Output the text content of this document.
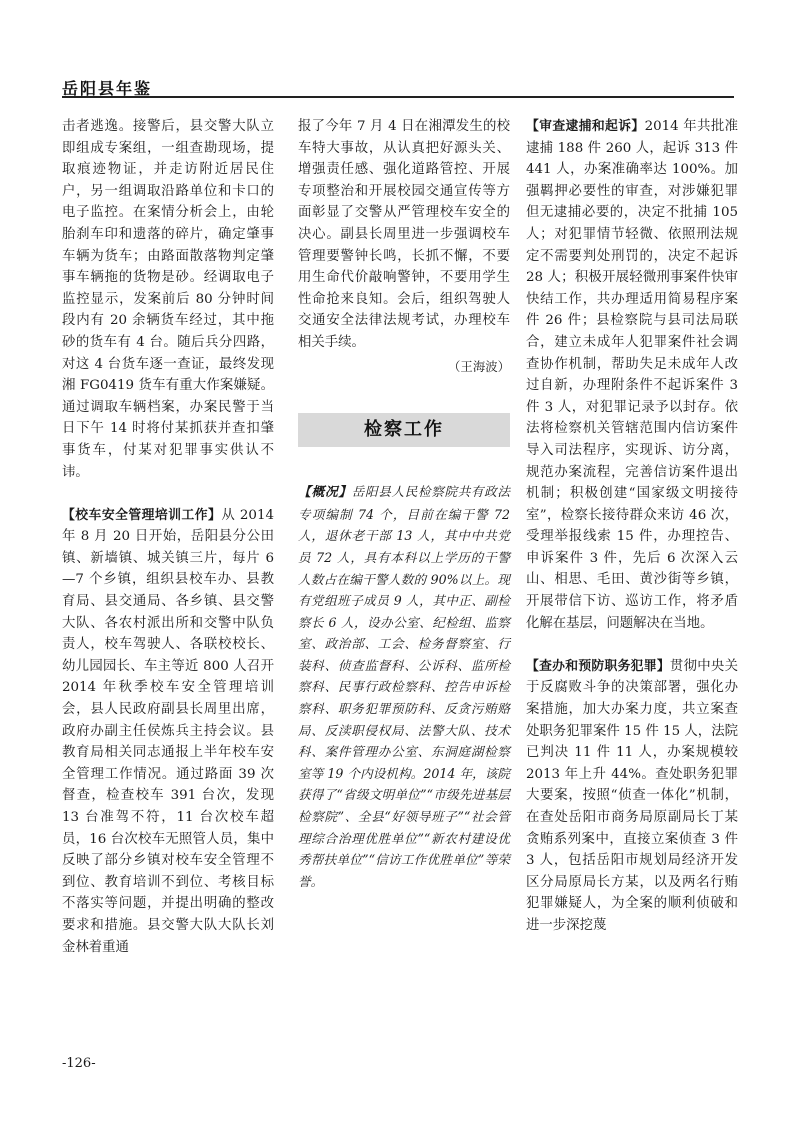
岳阳县年鉴

击者逃逸。接警后，县交警大队立即组成专案组，一组查勘现场，提取痕迹物证，并走访附近居民住户，另一组调取沿路单位和卡口的电子监控。在案情分析会上，由轮胎刹车印和遗落的碎片，确定肇事车辆为货车；由路面散落物判定肇事车辆拖的货物是砂。经调取电子监控显示，发案前后 80 分钟时间段内有 20 余辆货车经过，其中拖砂的货车有 4 台。随后兵分四路，对这 4 台货车逐一查证，最终发现湘 FG0419 货车有重大作案嫌疑。通过调取车辆档案，办案民警于当日下午 14 时将付某抓获并查扣肇事货车，付某对犯罪事实供认不讳。

【校车安全管理培训工作】从 2014 年 8 月 20 日开始，岳阳县分公田镇、新墙镇、城关镇三片，每片 6—7 个乡镇，组织县校车办、县教育局、县交通局、各乡镇、县交警大队、各农村派出所和交警中队负责人，校车驾驶人、各联校校长、幼儿园园长、车主等近 800 人召开 2014 年秋季校车安全管理培训会，县人民政府副县长周里出席，政府办副主任侯炼兵主持会议。县教育局相关同志通报上半年校车安全管理工作情况。通过路面 39 次督查，检查校车 391 台次，发现 13 台准驾不符，11 台次校车超员，16 台次校车无照管人员，集中反映了部分乡镇对校车安全管理不到位、教育培训不到位、考核目标不落实等问题，并提出明确的整改要求和措施。县交警大队大队长刘金林着重通

报了今年 7 月 4 日在湘潭发生的校车特大事故，从认真把好源头关、增强责任感、强化道路管控、开展专项整治和开展校园交通宣传等方面彰显了交警从严管理校车安全的决心。副县长周里进一步强调校车管理要警钟长鸣，长抓不懈，不要用生命代价敲响警钟，不要用学生性命抢来良知。会后，组织驾驶人交通安全法律法规考试，办理校车相关手续。

（王海波）
检察工作

【概况】岳阳县人民检察院共有政法专项编制 74 个，目前在编干警 72 人，退休老干部 13 人，其中中共党员 72 人，具有本科以上学历的干警人数占在编干警人数的 90%以上。现有党组班子成员 9 人，其中正、副检察长 6 人，设办公室、纪检组、监察室、政治部、工会、检务督察室、行装科、侦查监督科、公诉科、监所检察科、民事行政检察科、控告申诉检察科、职务犯罪预防科、反贪污贿赂局、反渎职侵权局、法警大队、技术科、案件管理办公室、东洞庭湖检察室等 19 个内设机构。2014 年，该院获得了“省级文明单位”“市级先进基层检察院”、全县“好领导班子”“社会管理综合治理优胜单位”“新农村建设优秀帮扶单位”“信访工作优胜单位”等荣誉。

【审查逮捕和起诉】2014 年共批准逮捕 188 件 260 人，起诉 313 件 441 人，办案准确率达 100%。加强羁押必要性的审查，对涉嫌犯罪但无逮捕必要的，决定不批捕 105 人；对犯罪情节轻微、依照刑法规定不需要判处刑罚的，决定不起诉 28 人；积极开展轻微刑事案件快审快结工作，共办理适用简易程序案件 26 件；县检察院与县司法局联合，建立未成年人犯罪案件社会调查协作机制，帮助失足未成年人改过自新，办理附条件不起诉案件 3 件 3 人，对犯罪记录予以封存。依法将检察机关管辖范围内信访案件导入司法程序，实现诉、访分离，规范办案流程，完善信访案件退出机制；积极创建“国家级文明接待室”，检察长接待群众来访 46 次，受理举报线索 15 件，办理控告、申诉案件 3 件，先后 6 次深入云山、相思、毛田、黄沙街等乡镇，开展带信下访、巡访工作，将矛盾化解在基层，问题解决在当地。

【查办和预防职务犯罪】贯彻中央关于反腐败斗争的决策部署，强化办案措施，加大办案力度，共立案查处职务犯罪案件 15 件 15 人，法院已判决 11 件 11 人，办案规模较 2013 年上升 44%。查处职务犯罪大要案，按照“侦查一体化”机制，在查处岳阳市商务局原副局长丁某贪贿系列案中，直接立案侦查 3 件 3 人，包括岳阳市规划局经济开发区分局原局长方某，以及两名行贿犯罪嫌疑人，为全案的顺利侦破和进一步深挖蔑

-126-
